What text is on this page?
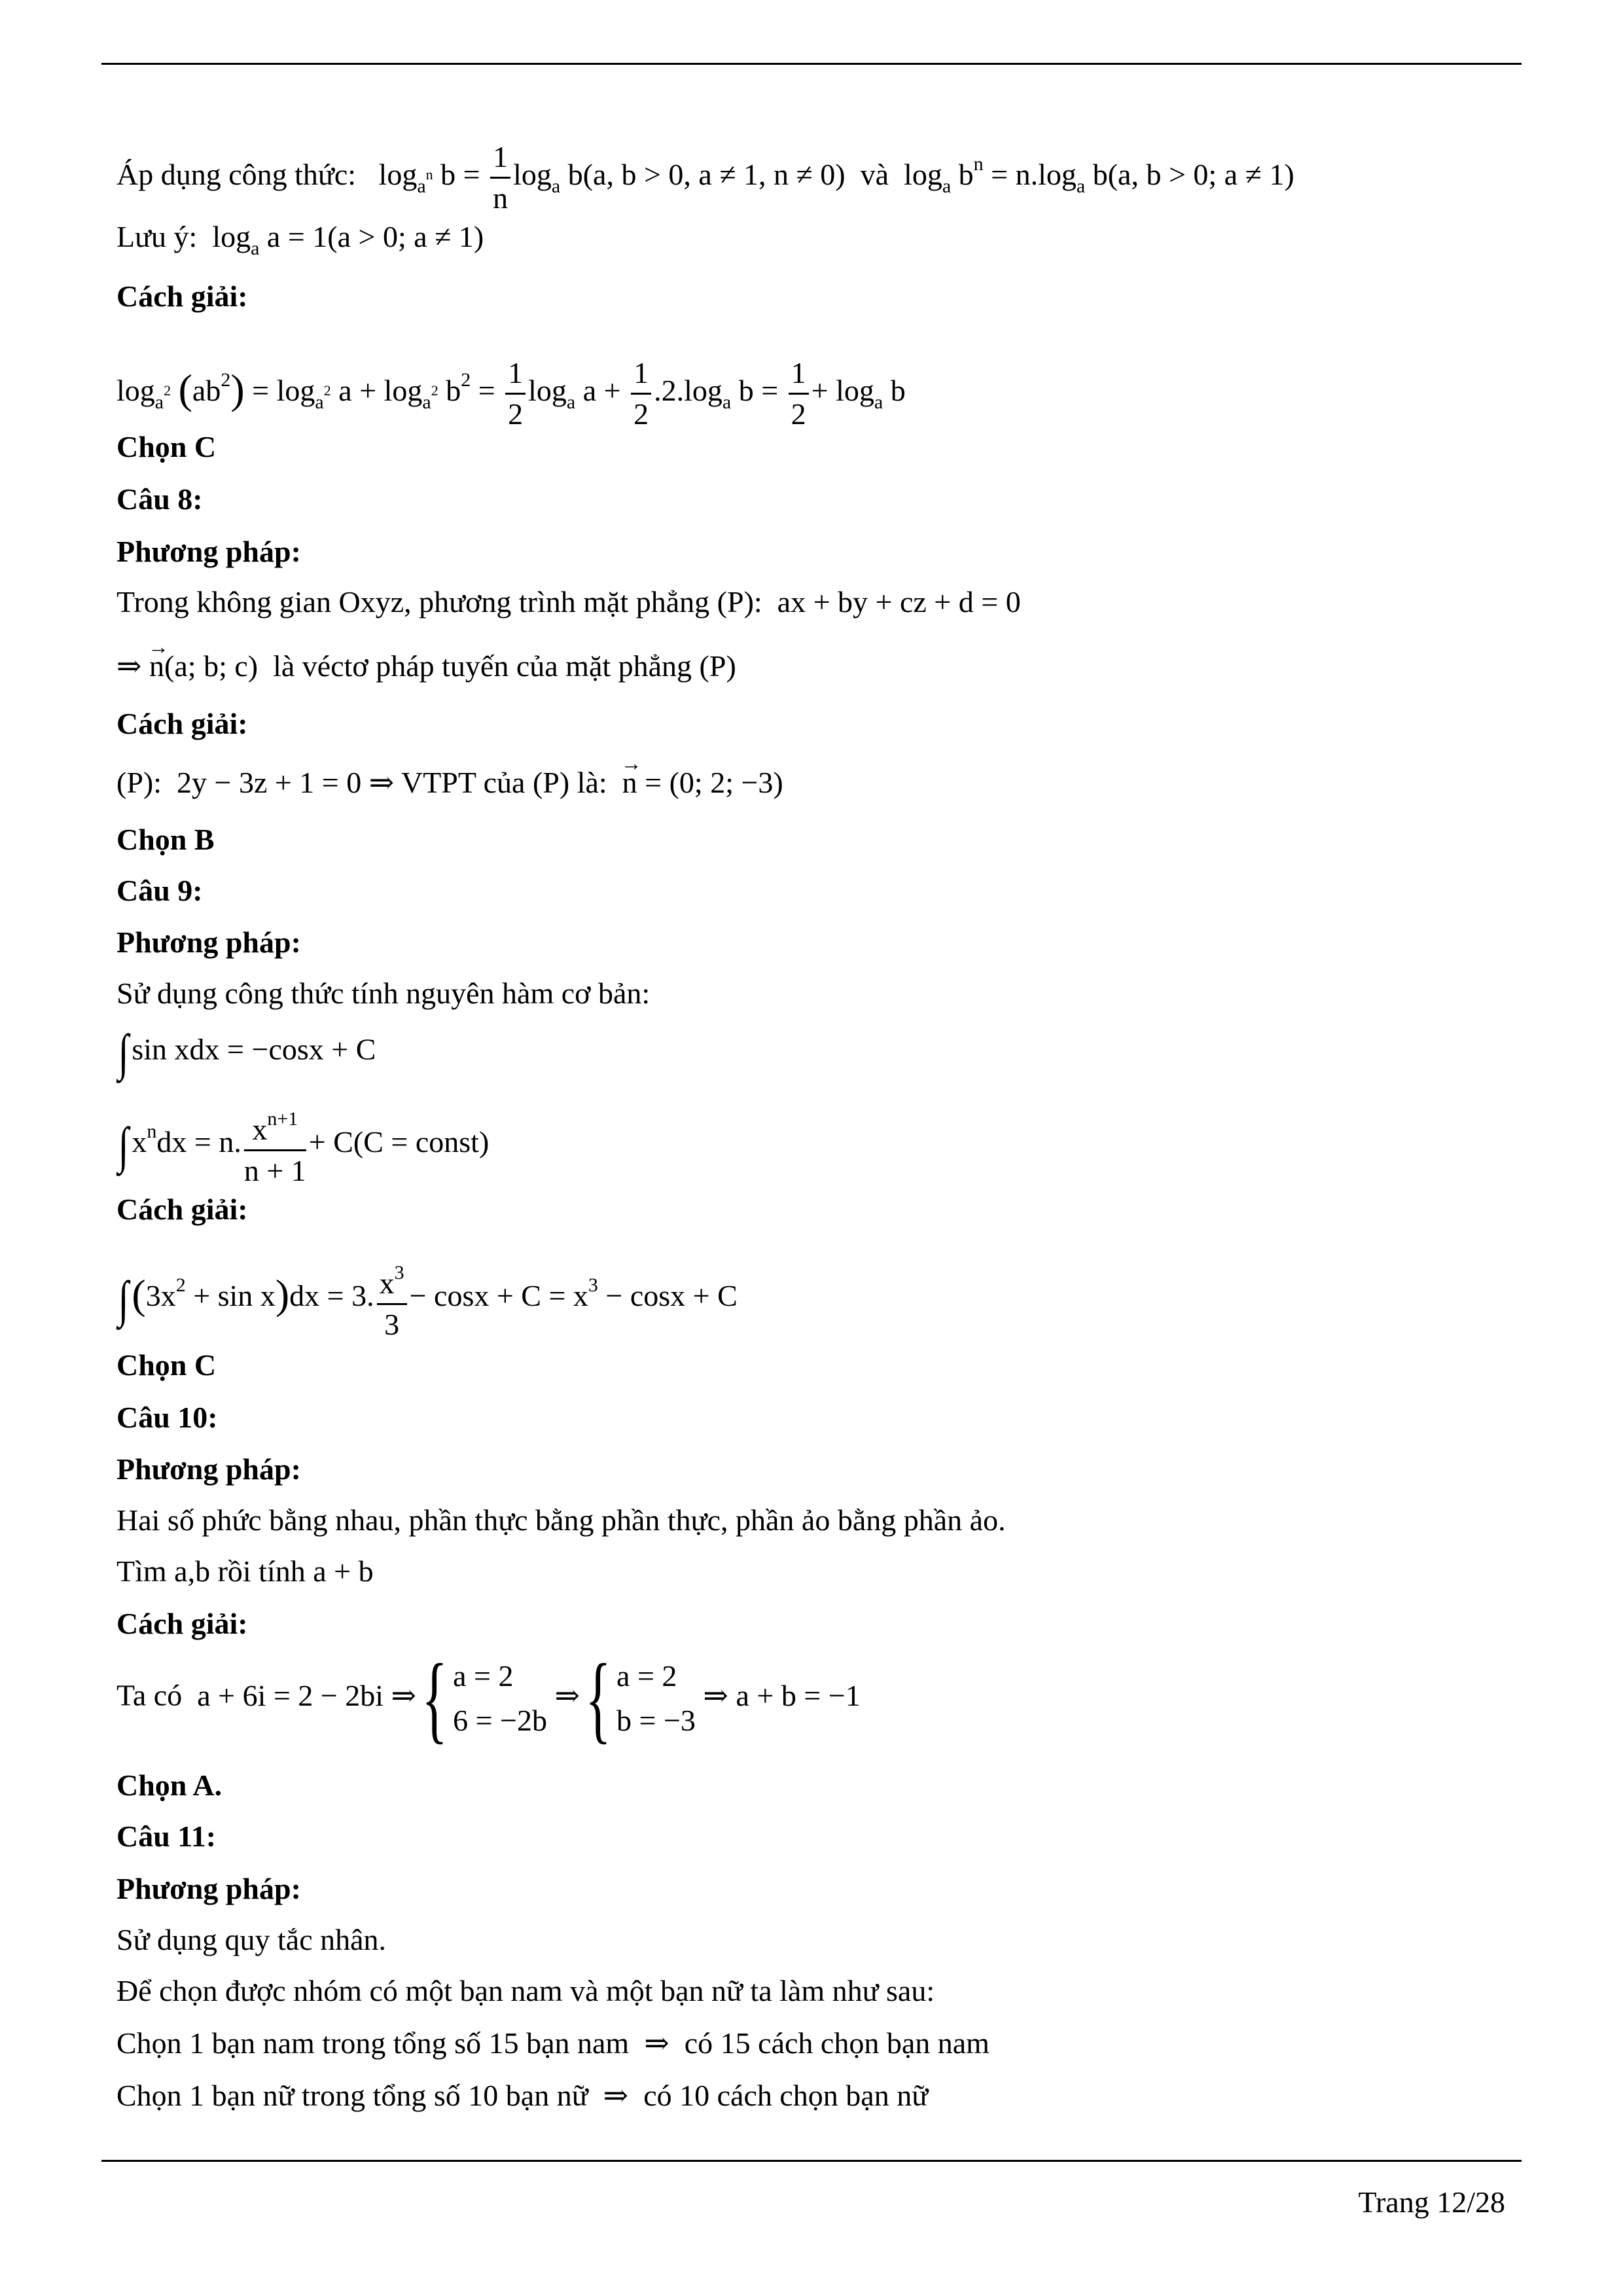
Áp dụng công thức:   $\log_{a^n} b = \frac{1}{n} \log_a b(a$, b > 0, a ≠ 1, n ≠ 0) và $\log_a b^n = n.\log_a$ b(a, b > 0; a ≠ 1)
Lưu ý:  $\log_a a = 1(a > 0$; a ≠ 1)
Cách giải:
$\log_{a^2} (ab^2) = \log_{a^2} a + \log_{a^2} b^2 = \frac{1}{2} \log_a a + \frac{1}{2} .2.\log_a$ $b = \frac{1}{2} + \log_a b$
Chọn C
Câu 8:
Phương pháp:
Trong không gian Oxyz, phương trình mặt phẳng (P):  ax + by + cz + d = 0
⇒ → n(a; b; c) là véctơ pháp tuyến của mặt phẳng (P)
Cách giải:
(P):  2y − 3z + 1 = 0 ⇒ VTPT của (P) là:  → n = (0; 2; −3)
Chọn B
Câu 9:
Phương pháp:
Sử dụng công thức tính nguyên hàm cơ bản:
∫ sin xdx = −cosx + C
∫ $x^ndx = n$. $\frac{x^{n+1}}{n + 1} + C(C$ = const)
Cách giải:
$\int(3x^2 + \sin x)dx = 3$. $\frac{x^3}{3} - \cos x + C = x^3 - \cos x + C$
Chọn C
Câu 10:
Phương pháp:
Hai số phức bằng nhau, phần thực bằng phần thực, phần ảo bằng phần ảo.
Tìm a,b rồi tính a + b
Cách giải:
Ta có  a + 6i = 2 − 2bi ⇒{ a = 2
6 = −2b
⇒{ a = 2
b = −3
⇒ a + b = −1
Chọn A.
Câu 11:
Phương pháp:
Sử dụng quy tắc nhân.
Để chọn được nhóm có một bạn nam và một bạn nữ ta làm như sau:
Chọn 1 bạn nam trong tổng số 15 bạn nam  ⇒  có 15 cách chọn bạn nam
Chọn 1 bạn nữ trong tổng số 10 bạn nữ  ⇒  có 10 cách chọn bạn nữ
Trang 12/28
